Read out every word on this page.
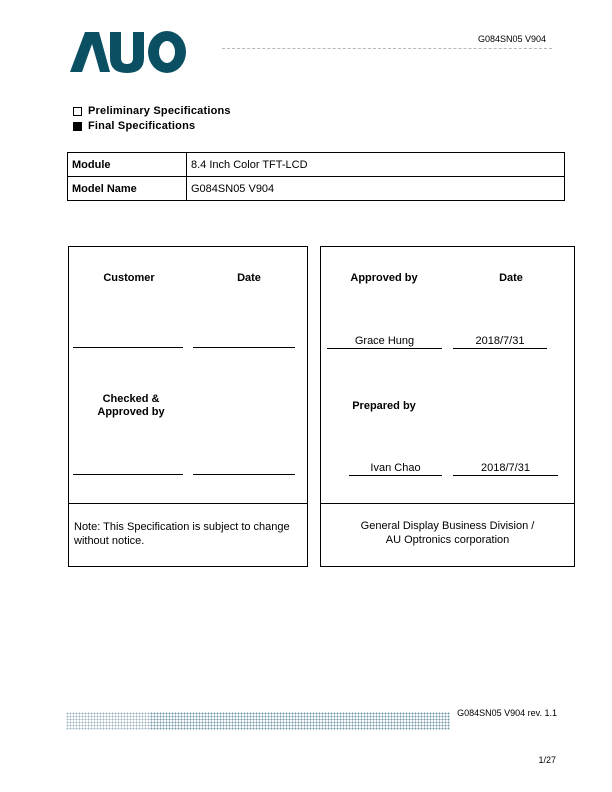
G084SN05 V904
Preliminary Specifications
Final Specifications
Module	8.4 Inch Color TFT-LCD
Model Name	G084SN05 V904
Customer	Date
Checked &
Approved by
Note: This Specification is subject to change without notice.
Approved by	Date
Grace Hung	2018/7/31
Prepared by
Ivan Chao	2018/7/31
General Display Business Division /
AU Optronics corporation
G084SN05 V904 rev. 1.1
1/27
